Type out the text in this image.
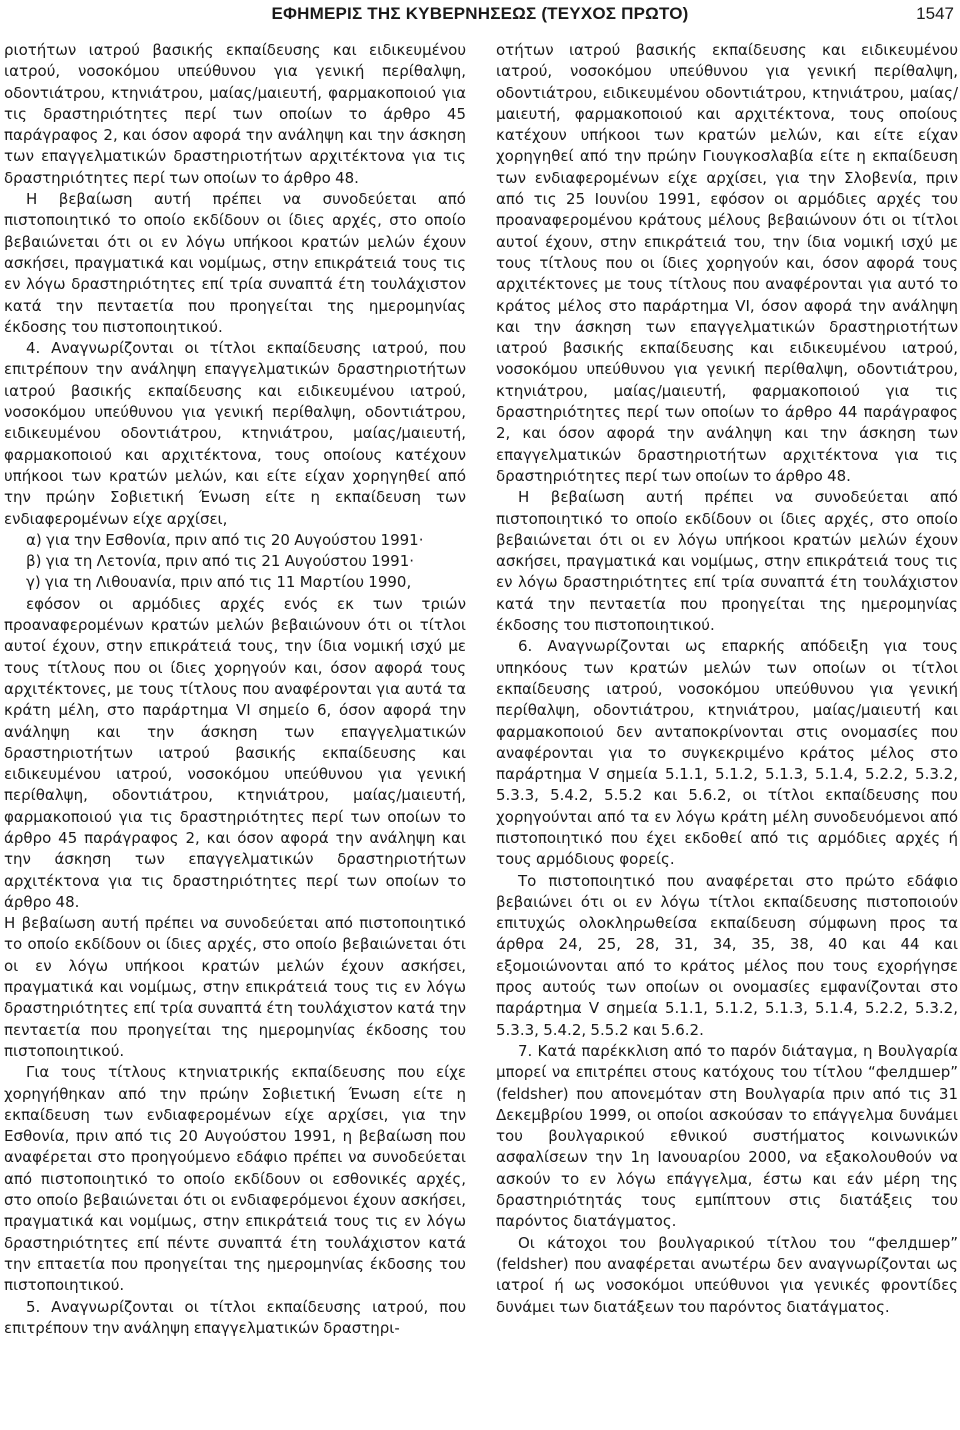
ΕΦΗΜΕΡΙΣ ΤΗΣ ΚΥΒΕΡΝΗΣΕΩΣ (ΤΕΥΧΟΣ ΠΡΩΤΟ)	1547

ριοτήτων ιατρού βασικής εκπαίδευσης και ειδικευμένου ιατρού, νοσοκόμου υπεύθυνου για γενική περίθαλψη, οδοντιάτρου, κτηνιάτρου, μαίας/μαιευτή, φαρμακοποιού για τις δραστηριότητες περί των οποίων το άρθρο 45 παράγραφος 2, και όσον αφορά την ανάληψη και την άσκηση των επαγγελματικών δραστηριοτήτων αρχιτέκτονα για τις δραστηριότητες περί των οποίων το άρθρο 48.

Η βεβαίωση αυτή πρέπει να συνοδεύεται από πιστοποιητικό το οποίο εκδίδουν οι ίδιες αρχές, στο οποίο βεβαιώνεται ότι οι εν λόγω υπήκοοι κρατών μελών έχουν ασκήσει, πραγματικά και νομίμως, στην επικράτειά τους τις εν λόγω δραστηριότητες επί τρία συναπτά έτη τουλάχιστον κατά την πενταετία που προηγείται της ημερομηνίας έκδοσης του πιστοποιητικού.

4. Αναγνωρίζονται οι τίτλοι εκπαίδευσης ιατρού, που επιτρέπουν την ανάληψη επαγγελματικών δραστηριοτήτων ιατρού βασικής εκπαίδευσης και ειδικευμένου ιατρού, νοσοκόμου υπεύθυνου για γενική περίθαλψη, οδοντιάτρου, ειδικευμένου οδοντιάτρου, κτηνιάτρου, μαίας/μαιευτή, φαρμακοποιού και αρχιτέκτονα, τους οποίους κατέχουν υπήκοοι των κρατών μελών, και είτε είχαν χορηγηθεί από την πρώην Σοβιετική Ένωση είτε η εκπαίδευση των ενδιαφερομένων είχε αρχίσει,

α) για την Εσθονία, πριν από τις 20 Αυγούστου 1991·

β) για τη Λετονία, πριν από τις 21 Αυγούστου 1991·

γ) για τη Λιθουανία, πριν από τις 11 Μαρτίου 1990,

εφόσον οι αρμόδιες αρχές ενός εκ των τριών προαναφερομένων κρατών μελών βεβαιώνουν ότι οι τίτλοι αυτοί έχουν, στην επικράτειά τους, την ίδια νομική ισχύ με τους τίτλους που οι ίδιες χορηγούν και, όσον αφορά τους αρχιτέκτονες, με τους τίτλους που αναφέρονται για αυτά τα κράτη μέλη, στο παράρτημα VI σημείο 6, όσον αφορά την ανάληψη και την άσκηση των επαγγελματικών δραστηριοτήτων ιατρού βασικής εκπαίδευσης και ειδικευμένου ιατρού, νοσοκόμου υπεύθυνου για γενική περίθαλψη, οδοντιάτρου, κτηνιάτρου, μαίας/μαιευτή, φαρμακοποιού για τις δραστηριότητες περί των οποίων το άρθρο 45 παράγραφος 2, και όσον αφορά την ανάληψη και την άσκηση των επαγγελματικών δραστηριοτήτων αρχιτέκτονα για τις δραστηριότητες περί των οποίων το άρθρο 48.

Η βεβαίωση αυτή πρέπει να συνοδεύεται από πιστοποιητικό το οποίο εκδίδουν οι ίδιες αρχές, στο οποίο βεβαιώνεται ότι οι εν λόγω υπήκοοι κρατών μελών έχουν ασκήσει, πραγματικά και νομίμως, στην επικράτειά τους τις εν λόγω δραστηριότητες επί τρία συναπτά έτη τουλάχιστον κατά την πενταετία που προηγείται της ημερομηνίας έκδοσης του πιστοποιητικού.

Για τους τίτλους κτηνιατρικής εκπαίδευσης που είχε χορηγήθηκαν από την πρώην Σοβιετική Ένωση είτε η εκπαίδευση των ενδιαφερομένων είχε αρχίσει, για την Εσθονία, πριν από τις 20 Αυγούστου 1991, η βεβαίωση που αναφέρεται στο προηγούμενο εδάφιο πρέπει να συνοδεύεται από πιστοποιητικό το οποίο εκδίδουν οι εσθονικές αρχές, στο οποίο βεβαιώνεται ότι οι ενδιαφερόμενοι έχουν ασκήσει, πραγματικά και νομίμως, στην επικράτειά τους τις εν λόγω δραστηριότητες επί πέντε συναπτά έτη τουλάχιστον κατά την επταετία που προηγείται της ημερομηνίας έκδοσης του πιστοποιητικού.

5. Αναγνωρίζονται οι τίτλοι εκπαίδευσης ιατρού, που επιτρέπουν την ανάληψη επαγγελματικών δραστηρι-

οτήτων ιατρού βασικής εκπαίδευσης και ειδικευμένου ιατρού, νοσοκόμου υπεύθυνου για γενική περίθαλψη, οδοντιάτρου, ειδικευμένου οδοντιάτρου, κτηνιάτρου, μαίας/μαιευτή, φαρμακοποιού και αρχιτέκτονα, τους οποίους κατέχουν υπήκοοι των κρατών μελών, και είτε είχαν χορηγηθεί από την πρώην Γιουγκοσλαβία είτε η εκπαίδευση των ενδιαφερομένων είχε αρχίσει, για την Σλοβενία, πριν από τις 25 Ιουνίου 1991, εφόσον οι αρμόδιες αρχές του προαναφερομένου κράτους μέλους βεβαιώνουν ότι οι τίτλοι αυτοί έχουν, στην επικράτειά του, την ίδια νομική ισχύ με τους τίτλους που οι ίδιες χορηγούν και, όσον αφορά τους αρχιτέκτονες με τους τίτλους που αναφέρονται για αυτό το κράτος μέλος στο παράρτημα VI, όσον αφορά την ανάληψη και την άσκηση των επαγγελματικών δραστηριοτήτων ιατρού βασικής εκπαίδευσης και ειδικευμένου ιατρού, νοσοκόμου υπεύθυνου για γενική περίθαλψη, οδοντιάτρου, κτηνιάτρου, μαίας/μαιευτή, φαρμακοποιού για τις δραστηριότητες περί των οποίων το άρθρο 44 παράγραφος 2, και όσον αφορά την ανάληψη και την άσκηση των επαγγελματικών δραστηριοτήτων αρχιτέκτονα για τις δραστηριότητες περί των οποίων το άρθρο 48.

Η βεβαίωση αυτή πρέπει να συνοδεύεται από πιστοποιητικό το οποίο εκδίδουν οι ίδιες αρχές, στο οποίο βεβαιώνεται ότι οι εν λόγω υπήκοοι κρατών μελών έχουν ασκήσει, πραγματικά και νομίμως, στην επικράτειά τους τις εν λόγω δραστηριότητες επί τρία συναπτά έτη τουλάχιστον κατά την πενταετία που προηγείται της ημερομηνίας έκδοσης του πιστοποιητικού.

6. Αναγνωρίζονται ως επαρκής απόδειξη για τους υπηκόους των κρατών μελών των οποίων οι τίτλοι εκπαίδευσης ιατρού, νοσοκόμου υπεύθυνου για γενική περίθαλψη, οδοντιάτρου, κτηνιάτρου, μαίας/μαιευτή και φαρμακοποιού δεν ανταποκρίνονται στις ονομασίες που αναφέρονται για το συγκεκριμένο κράτος μέλος στο παράρτημα V σημεία 5.1.1, 5.1.2, 5.1.3, 5.1.4, 5.2.2, 5.3.2, 5.3.3, 5.4.2, 5.5.2 και 5.6.2, οι τίτλοι εκπαίδευσης που χορηγούνται από τα εν λόγω κράτη μέλη συνοδευόμενοι από πιστοποιητικό που έχει εκδοθεί από τις αρμόδιες αρχές ή τους αρμόδιους φορείς.

Το πιστοποιητικό που αναφέρεται στο πρώτο εδάφιο βεβαιώνει ότι οι εν λόγω τίτλοι εκπαίδευσης πιστοποιούν επιτυχώς ολοκληρωθείσα εκπαίδευση σύμφωνη προς τα άρθρα 24, 25, 28, 31, 34, 35, 38, 40 και 44 και εξομοιώνονται από το κράτος μέλος που τους εχορήγησε προς αυτούς των οποίων οι ονομασίες εμφανίζονται στο παράρτημα V σημεία 5.1.1, 5.1.2, 5.1.3, 5.1.4, 5.2.2, 5.3.2, 5.3.3, 5.4.2, 5.5.2 και 5.6.2.

7. Κατά παρέκκλιση από το παρόν διάταγμα, η Βουλγαρία μπορεί να επιτρέπει στους κατόχους του τίτλου “фелдшер” (feldsher) που απονεμόταν στη Βουλγαρία πριν από τις 31 Δεκεμβρίου 1999, οι οποίοι ασκούσαν το επάγγελμα δυνάμει του βουλγαρικού εθνικού συστήματος κοινωνικών ασφαλίσεων την 1η Ιανουαρίου 2000, να εξακολουθούν να ασκούν το εν λόγω επάγγελμα, έστω και εάν μέρη της δραστηριότητάς τους εμπίπτουν στις διατάξεις του παρόντος διατάγματος.

Οι κάτοχοι του βουλγαρικού τίτλου του “фелдшер” (feldsher) που αναφέρεται ανωτέρω δεν αναγνωρίζονται ως ιατροί ή ως νοσοκόμοι υπεύθυνοι για γενικές φροντίδες δυνάμει των διατάξεων του παρόντος διατάγματος.
